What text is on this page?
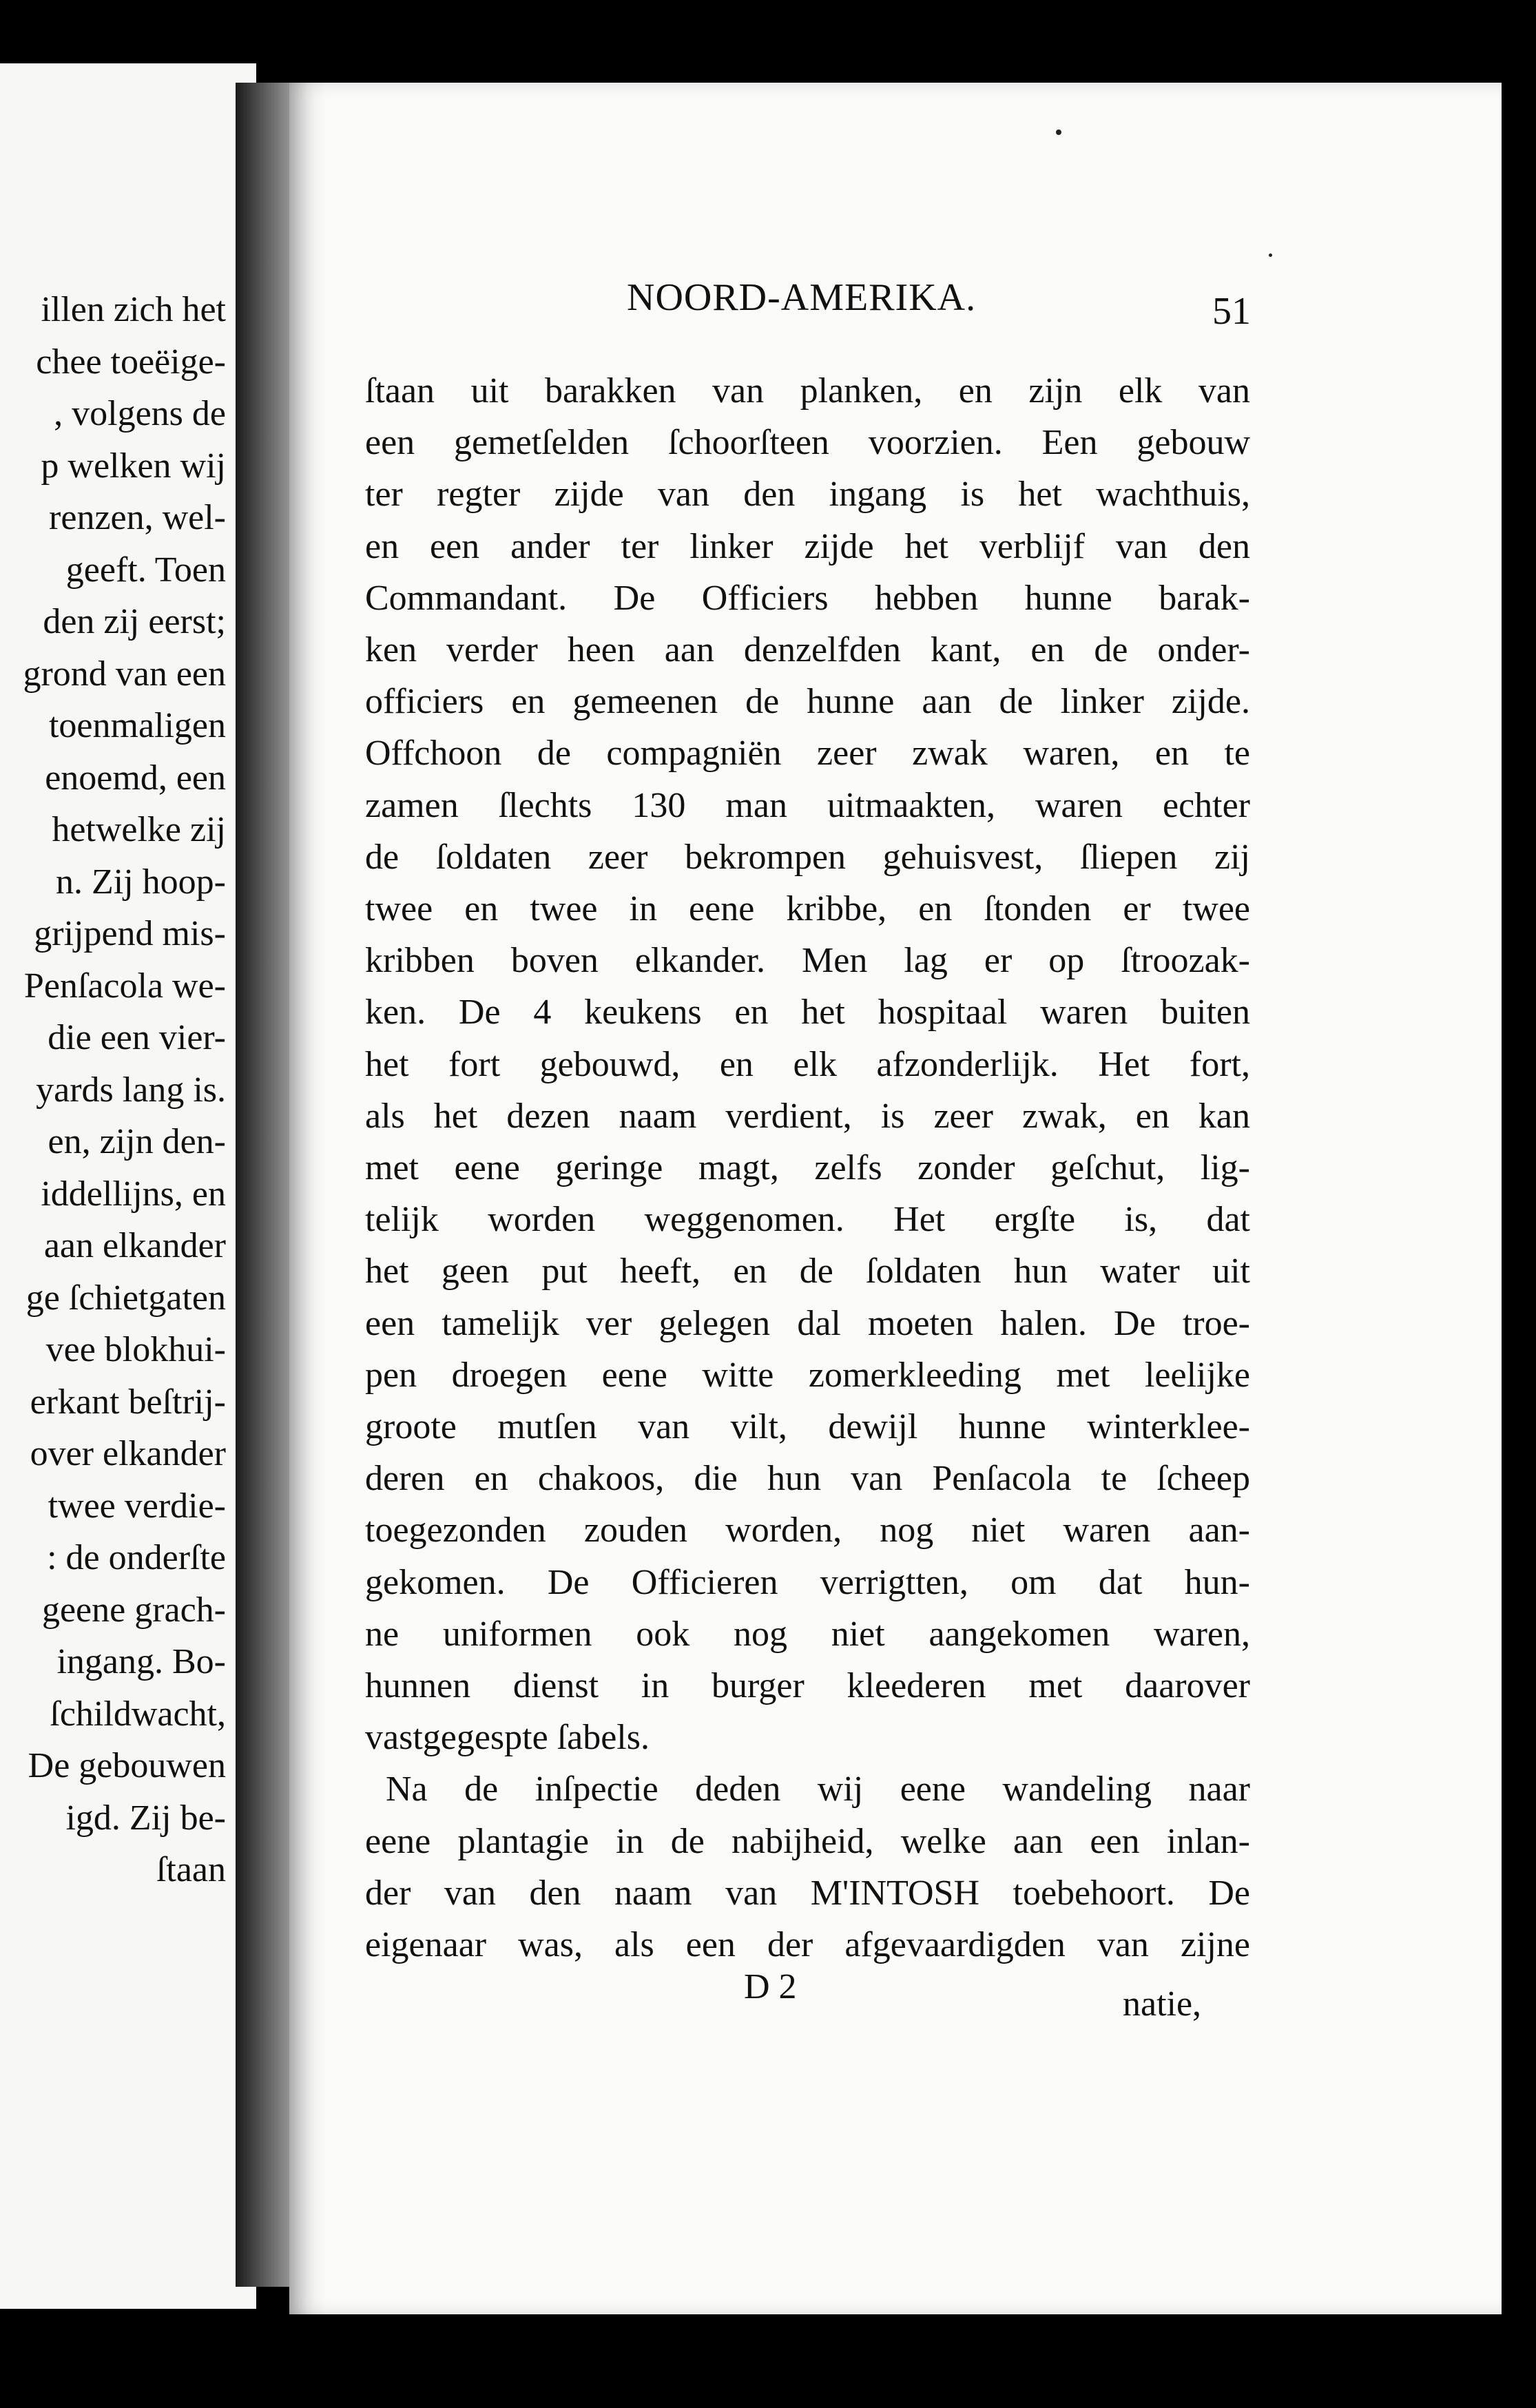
illen zich het
chee toeëige-
, volgens de
p welken wij
renzen, wel-
geeft. Toen
den zij eerst;
grond van een
toenmaligen
enoemd, een
hetwelke zij
n. Zij hoop-
grijpend mis-
Penſacola we-
die een vier-
yards lang is.
en, zijn den-
iddellijns, en
aan elkander
ge ſchietgaten
vee blokhui-
erkant beſtrij-
over elkander
twee verdie-
: de onderſte
geene grach-
ingang. Bo-
ſchildwacht,
De gebouwen
igd. Zij be-
ſtaan
NOORD-AMERIKA.	51
ſtaan uit barakken van planken, en zijn elk van
een gemetſelden ſchoorſteen voorzien. Een gebouw
ter regter zijde van den ingang is het wachthuis,
en een ander ter linker zijde het verblijf van den
Commandant. De Officiers hebben hunne barak-
ken verder heen aan denzelfden kant, en de onder-
officiers en gemeenen de hunne aan de linker zijde.
Offchoon de compagniën zeer zwak waren, en te
zamen ſlechts 130 man uitmaakten, waren echter
de ſoldaten zeer bekrompen gehuisvest, ſliepen zij
twee en twee in eene kribbe, en ſtonden er twee
kribben boven elkander. Men lag er op ſtroozak-
ken. De 4 keukens en het hospitaal waren buiten
het fort gebouwd, en elk afzonderlijk. Het fort,
als het dezen naam verdient, is zeer zwak, en kan
met eene geringe magt, zelfs zonder geſchut, lig-
telijk worden weggenomen. Het ergſte is, dat
het geen put heeft, en de ſoldaten hun water uit
een tamelijk ver gelegen dal moeten halen. De troe-
pen droegen eene witte zomerkleeding met leelijke
groote mutſen van vilt, dewijl hunne winterklee-
deren en chakoos, die hun van Penſacola te ſcheep
toegezonden zouden worden, nog niet waren aan-
gekomen. De Officieren verrigtten, om dat hun-
ne uniformen ook nog niet aangekomen waren,
hunnen dienst in burger kleederen met daarover
vastgegespte ſabels.
Na de inſpectie deden wij eene wandeling naar
eene plantagie in de nabijheid, welke aan een inlan-
der van den naam van M'INTOSH toebehoort. De
eigenaar was, als een der afgevaardigden van zijne
D 2	natie,
